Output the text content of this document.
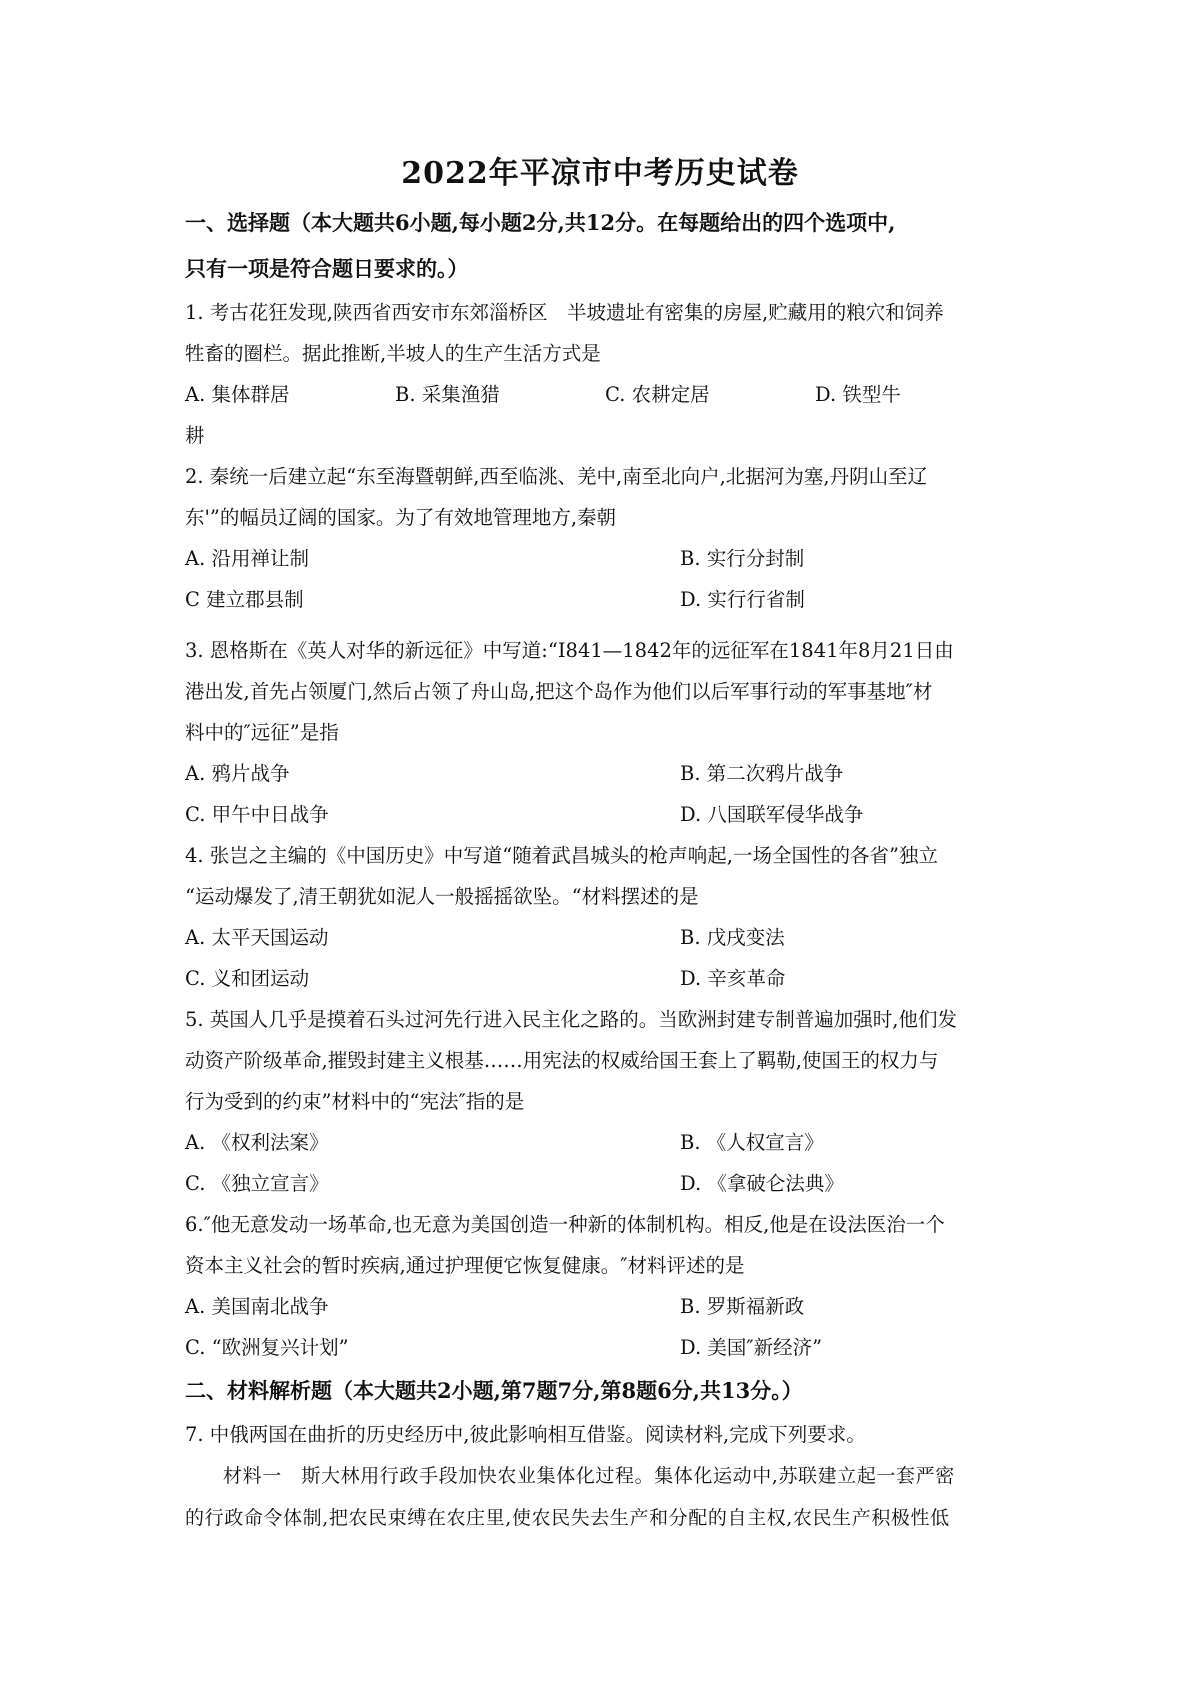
2022年平凉市中考历史试卷

一、选择题（本大题共6小题,每小题2分,共12分。在每题给出的四个选项中,

只有一项是符合题日要求的。）

1. 考古花狂发现,陕西省西安市东郊淄桥区　半坡遗址有密集的房屋,贮藏用的粮穴和饲养

牲畜的圈栏。据此推断,半坡人的生产生活方式是

A. 集体群居	B. 采集渔猎	C. 农耕定居	D. 铁型牛

耕

2. 秦统一后建立起“东至海暨朝鲜,西至临洮、羌中,南至北向户,北据河为塞,丹阴山至辽

东'”的幅员辽阔的国家。为了有效地管理地方,秦朝

A. 沿用禅让制	B. 实行分封制
C 建立郡县制	D. 实行行省制

3. 恩格斯在《英人对华的新远征》中写道:“I841—1842年的远征军在1841年8月21日由

港出发,首先占领厦门,然后占领了舟山岛,把这个岛作为他们以后军事行动的军事基地″材

料中的″远征”是指

A. 鸦片战争	B. 第二次鸦片战争
C. 甲午中日战争	D. 八国联军侵华战争

4. 张岂之主编的《中国历史》中写道“随着武昌城头的枪声响起,一场全国性的各省”独立

“运动爆发了,清王朝犹如泥人一般摇摇欲坠。“材料摆述的是

A. 太平天国运动	B. 戊戌变法
C. 义和团运动	D. 辛亥革命

5. 英国人几乎是摸着石头过河先行进入民主化之路的。当欧洲封建专制普遍加强时,他们发

动资产阶级革命,摧毁封建主义根基……用宪法的权威给国王套上了羁勒,使国王的权力与

行为受到的约束”材料中的“宪法″指的是

A. 《权利法案》	B. 《人权宣言》
C. 《独立宣言》	D. 《拿破仑法典》

6.″他无意发动一场革命,也无意为美国创造一种新的体制机构。相反,他是在设法医治一个

资本主义社会的暂时疾病,通过护理便它恢复健康。″材料评述的是

A. 美国南北战争	B. 罗斯福新政
C. “欧洲复兴计划”	D. 美国″新经济”

二、材料解析题（本大题共2小题,第7题7分,第8题6分,共13分。）

7. 中俄两国在曲折的历史经历中,彼此影响相互借鉴。阅读材料,完成下列要求。

材料一　斯大林用行政手段加快农业集体化过程。集体化运动中,苏联建立起一套严密

的行政命令体制,把农民束缚在农庄里,使农民失去生产和分配的自主权,农民生产积极性低
